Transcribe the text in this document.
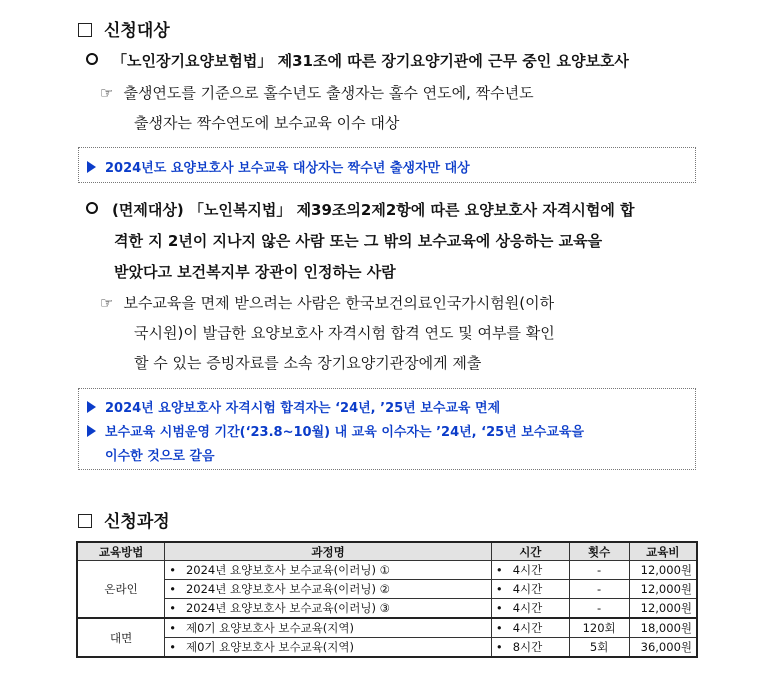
신청대상
「노인장기요양보험법」 제31조에 따른 장기요양기관에 근무 중인 요양보호사
☞ 출생연도를 기준으로 홀수년도 출생자는 홀수 연도에, 짝수년도
출생자는 짝수연도에 보수교육 이수 대상
2024년도 요양보호사 보수교육 대상자는 짝수년 출생자만 대상
(면제대상) 「노인복지법」 제39조의2제2항에 따른 요양보호사 자격시험에 합
격한 지 2년이 지나지 않은 사람 또는 그 밖의 보수교육에 상응하는 교육을
받았다고 보건복지부 장관이 인정하는 사람
☞ 보수교육을 면제 받으려는 사람은 한국보건의료인국가시험원(이하
국시원)이 발급한 요양보호사 자격시험 합격 연도 및 여부를 확인
할 수 있는 증빙자료를 소속 장기요양기관장에게 제출
2024년 요양보호사 자격시험 합격자는 ‘24년, ’25년 보수교육 면제
보수교육 시범운영 기간(‘23.8~10월) 내 교육 이수자는 ’24년, ‘25년 보수교육을
이수한 것으로 갈음
신청과정
교육방법	과정명	시간	횟수	교육비
온라인	• 2024년 요양보호사 보수교육(이러닝) ①	• 4시간	-	12,000원
	• 2024년 요양보호사 보수교육(이러닝) ②	• 4시간	-	12,000원
	• 2024년 요양보호사 보수교육(이러닝) ③	• 4시간	-	12,000원
대면	• 제0기 요양보호사 보수교육(지역)	• 4시간	120회	18,000원
	• 제0기 요양보호사 보수교육(지역)	• 8시간	5회	36,000원
